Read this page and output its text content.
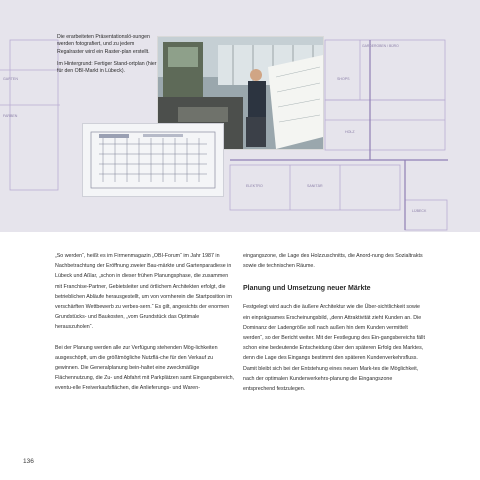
GARTEN
GARDEROBEN / BÜRO
SHOPS
ELEKTRO	SANITÄR
HOLZ
FARBEN
LÜBECK

Die erarbeiteten Präsentationslö-sungen werden fotografiert, und zu jedem Regalraster wird ein Raster-plan erstellt.

Im Hintergrund: Fertiger Stand-ortplan (hier für den OBI-Markt in Lübeck).

„So werden“, heißt es im Firmenmagazin „OBI-Forum“ im Jahr 1987 in Nachbetrachtung der Eröffnung zweier Bau-märkte und Gartenparadiese in Lübeck und Aßlar, „schon in dieser frühen Planungsphase, die zusammen mit Franchise-Partner, Gebietsleiter und örtlichem Architekten erfolgt, die betrieblichen Abläufe herausgestellt, um von vornherein die Startposition im verschärften Wettbewerb zu verbes-sern.“ Es gilt, angesichts der enormen Grundstücks- und Baukosten, „vom Grundstück das Optimale herauszuholen“.

Bei der Planung werden alle zur Verfügung stehenden Mög-lichkeiten ausgeschöpft, um die größtmögliche Nutzflä-che für den Verkauf zu gewinnen. Die Generalplanung bein-haltet eine zweckmäßige Flächennutzung, die Zu- und Abfahrt mit Parkplätzen samt Eingangsbereich, eventu-elle Freiverkaufsflächen, die Anlieferungs- und Waren-

eingangszone, die Lage des Holzzuschnitts, die Anord-nung des Sozialtrakts sowie die technischen Räume.

Planung und Umsetzung neuer Märkte

Festgelegt wird auch die äußere Architektur wie die Über-sichtlichkeit sowie ein einprägsames Erscheinungsbild, „denn Attraktivität zieht Kunden an. Die Dominanz der Ladengröße soll nach außen hin dem Kunden vermittelt werden“, so der Bericht weiter. Mit der Festlegung des Ein-gangsbereichs fällt schon eine bedeutende Entscheidung über den späteren Erfolg des Marktes, denn die Lage des Eingangs bestimmt den späteren Kundenverkehrsfluss. Damit bleibt sich bei der Entstehung eines neuen Mark-tes die Möglichkeit, nach der optimalen Kundenverkehrs-planung die Eingangszone entsprechend festzulegen.

136
